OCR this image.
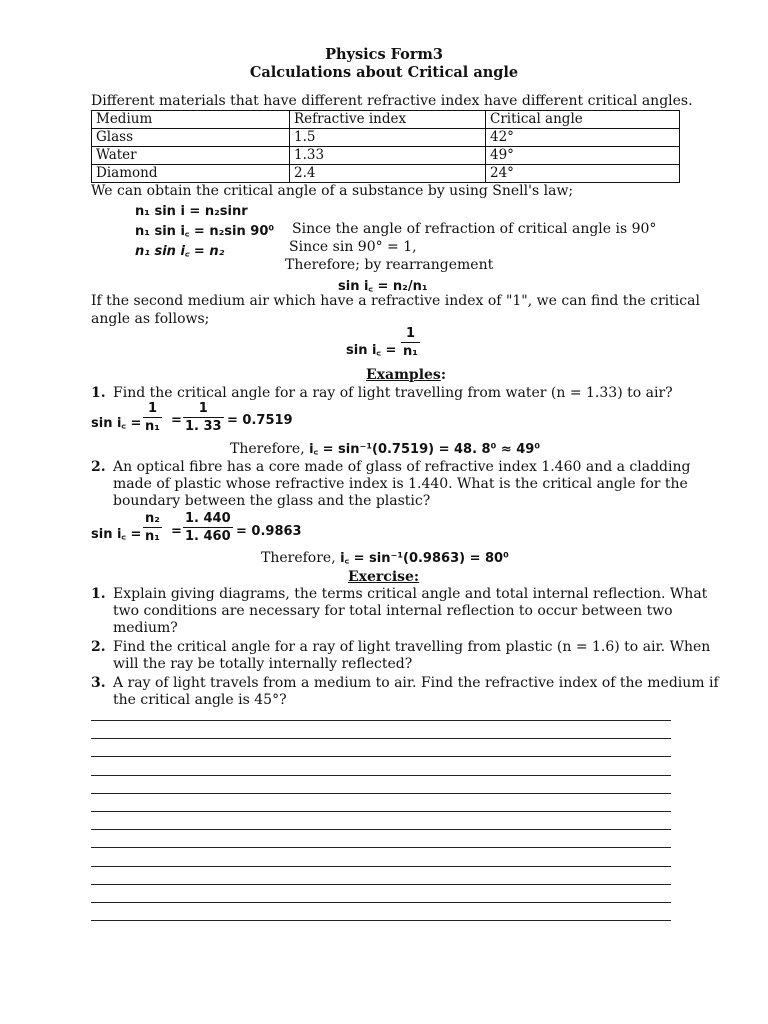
Physics Form3
Calculations about Critical angle
Different materials that have different refractive index have different critical angles.
Medium	Refractive index	Critical angle
Glass	1.5	42°
Water	1.33	49°
Diamond	2.4	24°
We can obtain the critical angle of a substance by using Snell's law;
n₁ sin i = n₂sinr
n₁ sin i꜀ = n₂sin 90⁰ Since the angle of refraction of critical angle is 90°
n₁ sin i꜀ = n₂	Since sin 90° = 1,
Therefore; by rearrangement
sin i꜀ = n₂/n₁
If the second medium air which have a refractive index of "1", we can find the critical
angle as follows;
sin i꜀ = $\frac{1}{\text{n₁}}$
Examples:
1. Find the critical angle for a ray of light travelling from water (n = 1.33) to air?
sin i꜀ = $\frac{1}{\text{n₁}} = \frac{1}{1. 33} = 0.7519$
Therefore, i꜀ = sin⁻¹(0.7519) = 48. 8⁰ ≈ 49⁰
2. An optical fibre has a core made of glass of refractive index 1.460 and a cladding
made of plastic whose refractive index is 1.440. What is the critical angle for the
boundary between the glass and the plastic?
sin i꜀ = $\frac{\text{n₂}}{\text{n₁}} = \frac{1. 440}{1. 460} = 0.9863$
Therefore, i꜀ = sin⁻¹(0.9863) = 80⁰
Exercise:
1. Explain giving diagrams, the terms critical angle and total internal reflection. What
two conditions are necessary for total internal reflection to occur between two
medium?
2. Find the critical angle for a ray of light travelling from plastic (n = 1.6) to air. When
will the ray be totally internally reflected?
3. A ray of light travels from a medium to air. Find the refractive index of the medium if
the critical angle is 45°?
